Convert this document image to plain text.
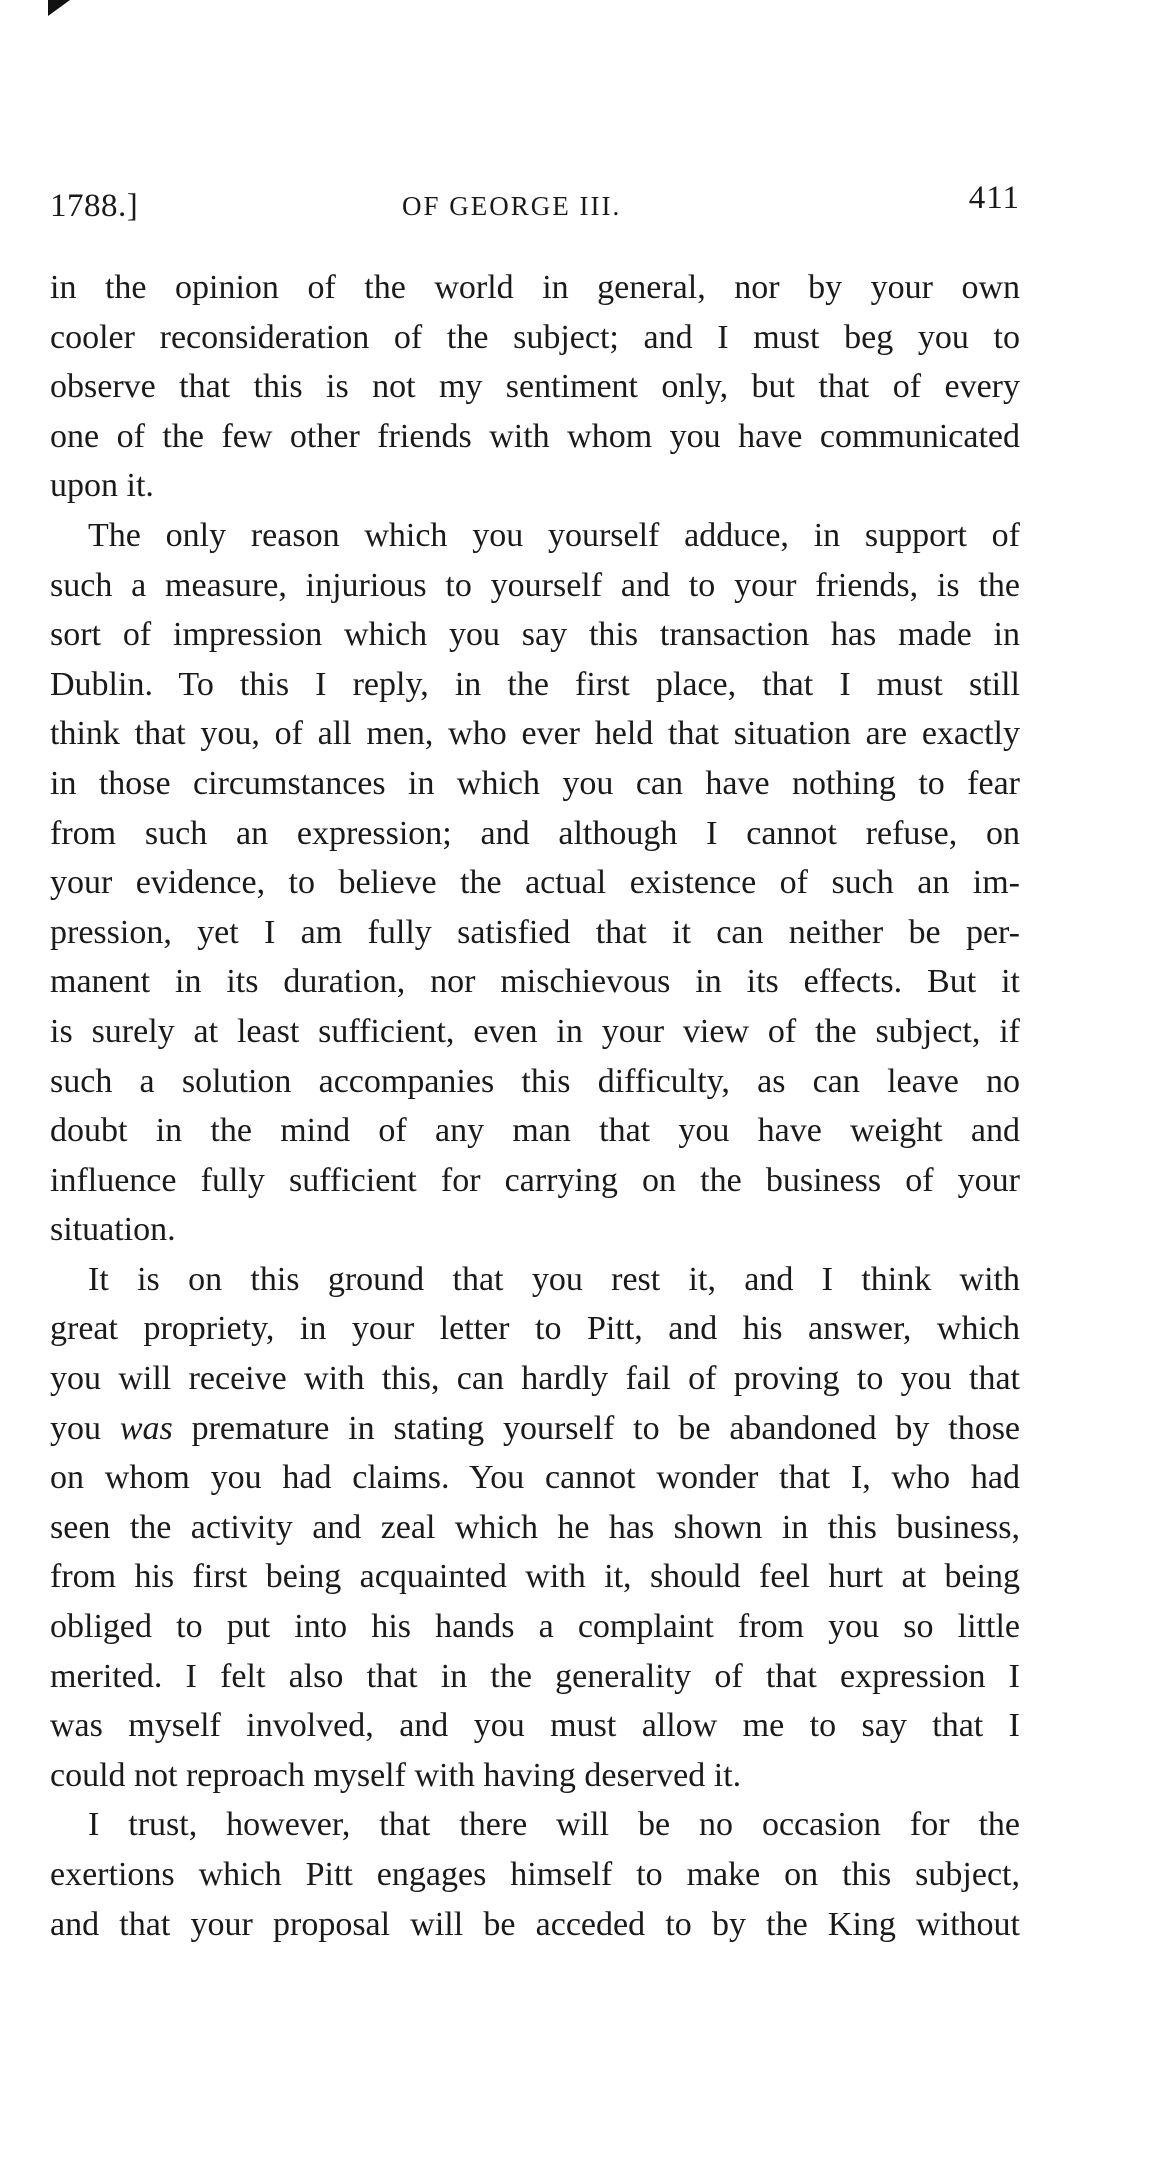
1788.]	OF GEORGE III.	411
in the opinion of the world in general, nor by your own
cooler reconsideration of the subject; and I must beg you to
observe that this is not my sentiment only, but that of every
one of the few other friends with whom you have communicated
upon it.
The only reason which you yourself adduce, in support of
such a measure, injurious to yourself and to your friends, is the
sort of impression which you say this transaction has made in
Dublin. To this I reply, in the first place, that I must still
think that you, of all men, who ever held that situation are exactly
in those circumstances in which you can have nothing to fear
from such an expression; and although I cannot refuse, on
your evidence, to believe the actual existence of such an im-
pression, yet I am fully satisfied that it can neither be per-
manent in its duration, nor mischievous in its effects. But it
is surely at least sufficient, even in your view of the subject, if
such a solution accompanies this difficulty, as can leave no
doubt in the mind of any man that you have weight and
influence fully sufficient for carrying on the business of your
situation.
It is on this ground that you rest it, and I think with
great propriety, in your letter to Pitt, and his answer, which
you will receive with this, can hardly fail of proving to you that
you was premature in stating yourself to be abandoned by those
on whom you had claims. You cannot wonder that I, who had
seen the activity and zeal which he has shown in this business,
from his first being acquainted with it, should feel hurt at being
obliged to put into his hands a complaint from you so little
merited. I felt also that in the generality of that expression I
was myself involved, and you must allow me to say that I
could not reproach myself with having deserved it.
I trust, however, that there will be no occasion for the
exertions which Pitt engages himself to make on this subject,
and that your proposal will be acceded to by the King without
